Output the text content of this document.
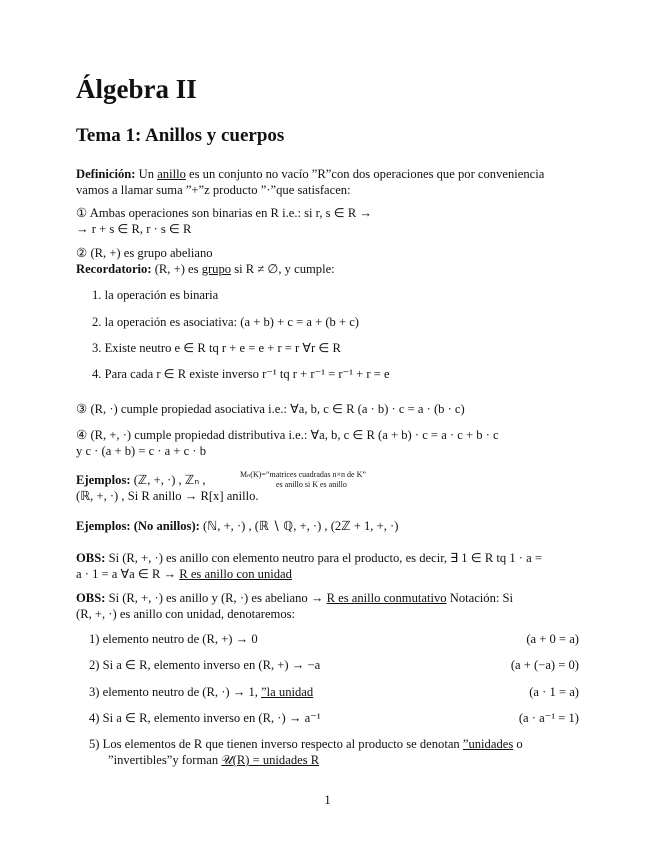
Álgebra II
Tema 1: Anillos y cuerpos
Definición: Un anillo es un conjunto no vacío ”R”con dos operaciones que por conveniencia
vamos a llamar suma ”+”z producto ”·”que satisfacen:
① Ambas operaciones son binarias en R i.e.: si r, s ∈ R →
→ r + s ∈ R, r · s ∈ R
② (R, +) es grupo abeliano
Recordatorio: (R, +) es grupo si R ≠ ∅, y cumple:
1. la operación es binaria
2. la operación es asociativa: (a + b) + c = a + (b + c)
3. Existe neutro e ∈ R tq r + e = e + r = r ∀r ∈ R
4. Para cada r ∈ R existe inverso r⁻¹ tq r + r⁻¹ = r⁻¹ + r = e
③ (R, ·) cumple propiedad asociativa i.e.: ∀a, b, c ∈ R (a · b) · c = a · (b · c)
④ (R, +, ·) cumple propiedad distributiva i.e.: ∀a, b, c ∈ R (a + b) · c = a · c + b · c
y c · (a + b) = c · a + c · b
Ejemplos: (ℤ, +, ·) , ℤₙ ,	Mₙ(K)=”matrices cuadradas n×n de K”
es anillo si K es anillo
(ℝ, +, ·) , Si R anillo → R[x] anillo.
Ejemplos: (No anillos): (ℕ, +, ·) , (ℝ ∖ ℚ, +, ·) , (2ℤ + 1, +, ·)
OBS: Si (R, +, ·) es anillo con elemento neutro para el producto, es decir, ∃ 1 ∈ R tq 1 · a =
a · 1 = a ∀a ∈ R → R es anillo con unidad
OBS: Si (R, +, ·) es anillo y (R, ·) es abeliano → R es anillo conmutativo Notación: Si
(R, +, ·) es anillo con unidad, denotaremos:
1) elemento neutro de (R, +) → 0	(a + 0 = a)
2) Si a ∈ R, elemento inverso en (R, +) → −a	(a + (−a) = 0)
3) elemento neutro de (R, ·) → 1, ”la unidad	(a · 1 = a)
4) Si a ∈ R, elemento inverso en (R, ·) → a⁻¹	(a · a⁻¹ = 1)
5) Los elementos de R que tienen inverso respecto al producto se denotan ”unidades o
”invertibles”y forman 𝒰(R) = unidades R
1
